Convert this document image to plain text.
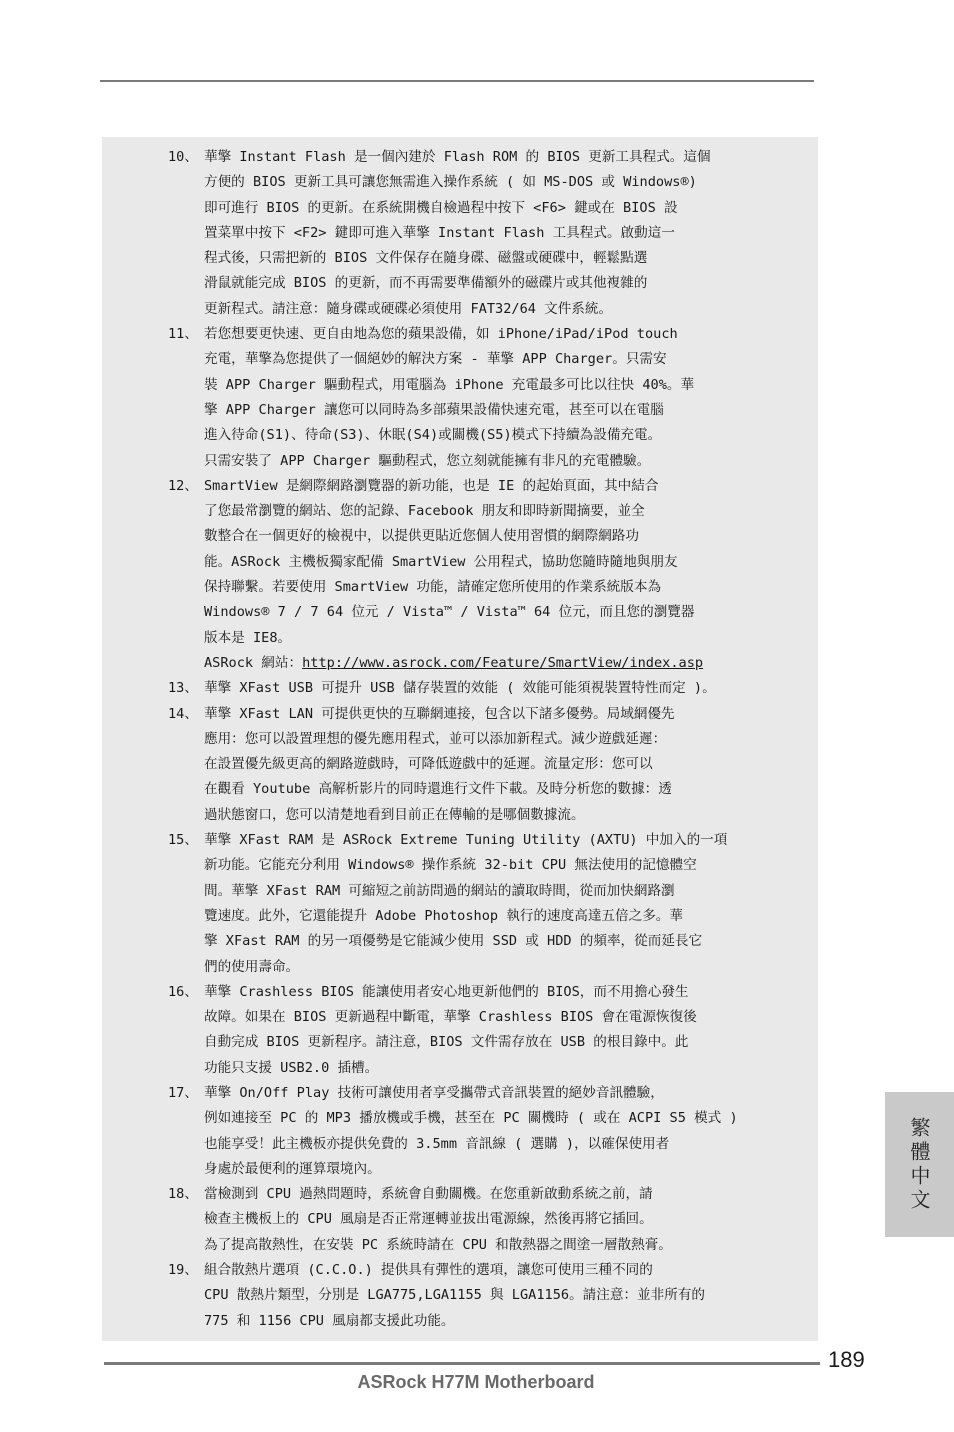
10、 華擎 Instant Flash 是一個內建於 Flash ROM 的 BIOS 更新工具程式。這個
方便的 BIOS 更新工具可讓您無需進入操作系統 ( 如 MS-DOS 或 Windows®)
即可進行 BIOS 的更新。在系統開機自檢過程中按下 <F6> 鍵或在 BIOS 設
置菜單中按下 <F2> 鍵即可進入華擎 Instant Flash 工具程式。啟動這一
程式後，只需把新的 BIOS 文件保存在隨身碟、磁盤或硬碟中，輕鬆點選
滑鼠就能完成 BIOS 的更新，而不再需要準備額外的磁碟片或其他複雜的
更新程式。請注意：隨身碟或硬碟必須使用 FAT32/64 文件系統。
11、 若您想要更快速、更自由地為您的蘋果設備，如 iPhone/iPad/iPod touch
充電，華擎為您提供了一個絕妙的解決方案 - 華擎 APP Charger。只需安
裝 APP Charger 驅動程式，用電腦為 iPhone 充電最多可比以往快 40%。華
擎 APP Charger 讓您可以同時為多部蘋果設備快速充電，甚至可以在電腦
進入待命(S1)、待命(S3)、休眠(S4)或關機(S5)模式下持續為設備充電。
只需安裝了 APP Charger 驅動程式，您立刻就能擁有非凡的充電體驗。
12、 SmartView 是網際網路瀏覽器的新功能，也是 IE 的起始頁面，其中結合
了您最常瀏覽的網站、您的記錄、Facebook 朋友和即時新聞摘要，並全
數整合在一個更好的檢視中，以提供更貼近您個人使用習慣的網際網路功
能。ASRock 主機板獨家配備 SmartView 公用程式，協助您隨時隨地與朋友
保持聯繫。若要使用 SmartView 功能，請確定您所使用的作業系統版本為
Windows® 7 / 7 64 位元 / Vista™ / Vista™ 64 位元，而且您的瀏覽器
版本是 IE8。
ASRock 網站：http://www.asrock.com/Feature/SmartView/index.asp
13、 華擎 XFast USB 可提升 USB 儲存裝置的效能 ( 效能可能須視裝置特性而定 )。
14、 華擎 XFast LAN 可提供更快的互聯網連接，包含以下諸多優勢。局域網優先
應用：您可以設置理想的優先應用程式，並可以添加新程式。減少遊戲延遲：
在設置優先級更高的網路遊戲時，可降低遊戲中的延遲。流量定形：您可以
在觀看 Youtube 高解析影片的同時還進行文件下載。及時分析您的數據：透
過狀態窗口，您可以清楚地看到目前正在傳輸的是哪個數據流。
15、 華擎 XFast RAM 是 ASRock Extreme Tuning Utility (AXTU) 中加入的一項
新功能。它能充分利用 Windows® 操作系統 32-bit CPU 無法使用的記憶體空
間。華擎 XFast RAM 可縮短之前訪問過的網站的讀取時間，從而加快網路瀏
覽速度。此外，它還能提升 Adobe Photoshop 執行的速度高達五倍之多。華
擎 XFast RAM 的另一項優勢是它能減少使用 SSD 或 HDD 的頻率，從而延長它
們的使用壽命。
16、 華擎 Crashless BIOS 能讓使用者安心地更新他們的 BIOS，而不用擔心發生
故障。如果在 BIOS 更新過程中斷電，華擎 Crashless BIOS 會在電源恢復後
自動完成 BIOS 更新程序。請注意，BIOS 文件需存放在 USB 的根目錄中。此
功能只支援 USB2.0 插槽。
17、 華擎 On/Off Play 技術可讓使用者享受攜帶式音訊裝置的絕妙音訊體驗，
例如連接至 PC 的 MP3 播放機或手機，甚至在 PC 關機時 ( 或在 ACPI S5 模式 )
也能享受！此主機板亦提供免費的 3.5mm 音訊線 ( 選購 )，以確保使用者
身處於最便利的運算環境內。
18、 當檢測到 CPU 過熱問題時，系統會自動關機。在您重新啟動系統之前，請
檢查主機板上的 CPU 風扇是否正常運轉並拔出電源線，然後再將它插回。
為了提高散熱性，在安裝 PC 系統時請在 CPU 和散熱器之間塗一層散熱膏。
19、 組合散熱片選項 (C.C.O.) 提供具有彈性的選項，讓您可使用三種不同的
CPU 散熱片類型，分別是 LGA775,LGA1155 與 LGA1156。請注意：並非所有的
775 和 1156 CPU 風扇都支援此功能。
繁體中文
189
ASRock H77M Motherboard
